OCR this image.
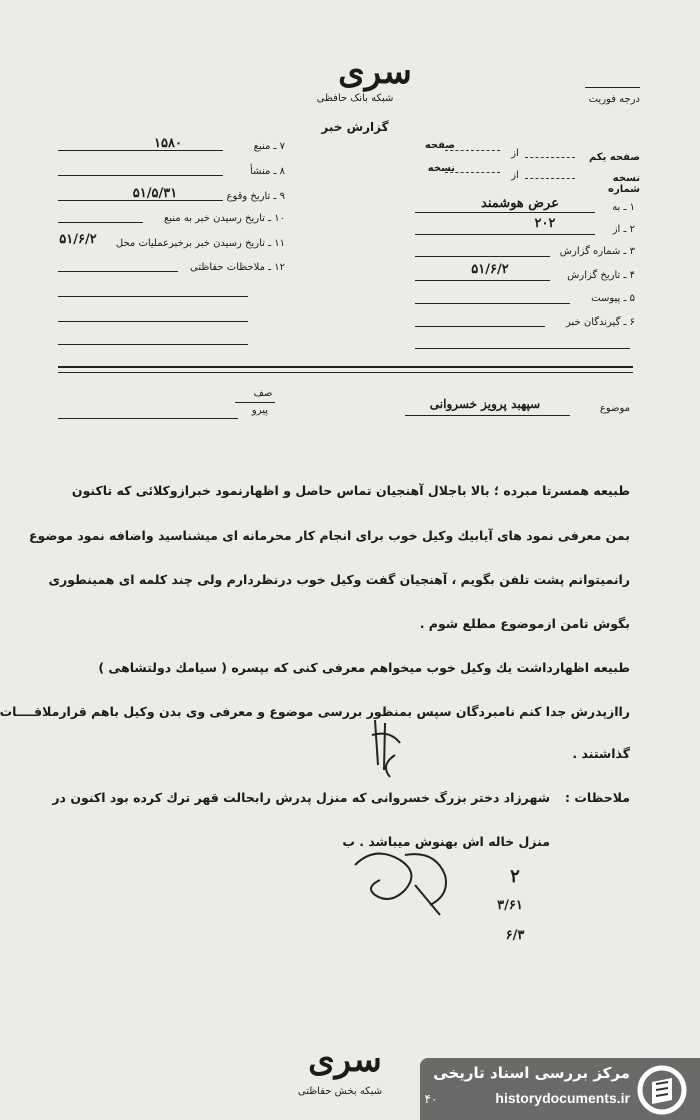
سری
شبکه بانک حافظی
گزارش خبر
درجه فوریت
۱۵۸۰	۷ ـ منبع
۸ ـ منشأ
۵۱/۵/۳۱	۹ ـ تاریخ وقوع
۱۰ ـ تاریخ رسیدن خبر به منبع
۵۱/۶/۲	۱۱ ـ تاریخ رسیدن خبر برخبرعملیات محل
۱۲ ـ ملاحظات حفاظتی
صفحه یکم
از
صفحه
نسخه شماره
از
نسخه
عرض هوشمند	۱ ـ به
۲۰۲	۲ ـ از
۳ ـ شماره گزارش
۵۱/۶/۲	۴ ـ تاریخ گزارش
۵ ـ پیوست
۶ ـ گیرندگان خبر
صف
پیرو	موضوع
سپهبد پرویز خسروانی
طبیعه همسرتا مبرده ؛ بالا باجلال آهنجیان تماس حاصل و اظهارنمود خبرازوکلائی که تاکنون
بمن معرفی نمود های آیابیك وکیل خوب برای انجام کار محرمانه ای میشناسید واضافه نمود موضوع
رانمیتوانم پشت تلفن بگویم ، آهنجیان گفت وکیل خوب درنظردارم ولی چند کلمه ای همینطوری
بگوش تامن ازموضوع مطلع شوم .
طبیعه اظهارداشت یك وکیل خوب میخواهم معرفی کنی که بپسره ( سیامك دولتشاهی )
راازپدرش جدا کنم نامبردگان سپس بمنظور بررسی موضوع و معرفی وی بدن وکیل باهم قرارملاقــــات
گذاشتند .
ملاحظات :
شهرزاد دختر بزرگ خسروانی که منزل پدرش رابحالت قهر ترك کرده بود اکنون در
منزل خاله اش بهنوش میباشد . ب
۲
۳/۶۱
۶/۳
سری
شبکه بخش حفاظتی
مرکز بررسی اسناد تاریخی
historydocuments.ir
۴۰
